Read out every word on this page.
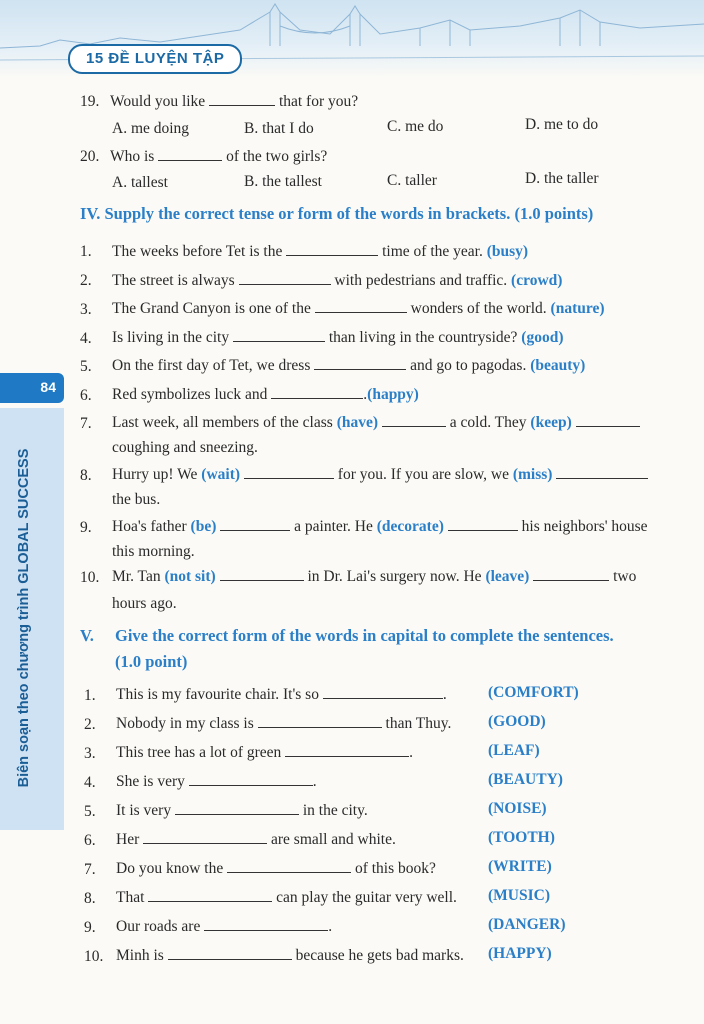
15 ĐỀ LUYỆN TẬP
84
Biên soạn theo chương trình GLOBAL SUCCESS
19. Would you like	that for you?
A. me doing	B. that I do	C. me do	D. me to do
20. Who is	of the two girls?
A. tallest	B. the tallest	C. taller	D. the taller
IV. Supply the correct tense or form of the words in brackets. (1.0 points)
1. The weeks before Tet is the	time of the year. (busy)
2. The street is always	with pedestrians and traffic. (crowd)
3. The Grand Canyon is one of the	wonders of the world. (nature)
4. Is living in the city	than living in the countryside? (good)
5. On the first day of Tet, we dress	and go to pagodas. (beauty)
6. Red symbolizes luck and	.(happy)
7. Last week, all members of the class (have)	a cold. They (keep)
coughing and sneezing.
8. Hurry up! We (wait)	for you. If you are slow, we (miss)
the bus.
9. Hoa's father (be)	a painter. He (decorate)	his neighbors' house
this morning.
10. Mr. Tan (not sit)	in Dr. Lai's surgery now. He (leave)	two
hours ago.
V. Give the correct form of the words in capital to complete the sentences.
(1.0 point)
1. This is my favourite chair. It's so	.	(COMFORT)
2. Nobody in my class is	than Thuy. (GOOD)
3. This tree has a lot of green	.	(LEAF)
4. She is very	.	(BEAUTY)
5. It is very	in the city.	(NOISE)
6. Her	are small and white.	(TOOTH)
7. Do you know the	of this book?	(WRITE)
8. That	can play the guitar very well. (MUSIC)
9. Our roads are	.	(DANGER)
10. Minh is	because he gets bad marks. (HAPPY)
